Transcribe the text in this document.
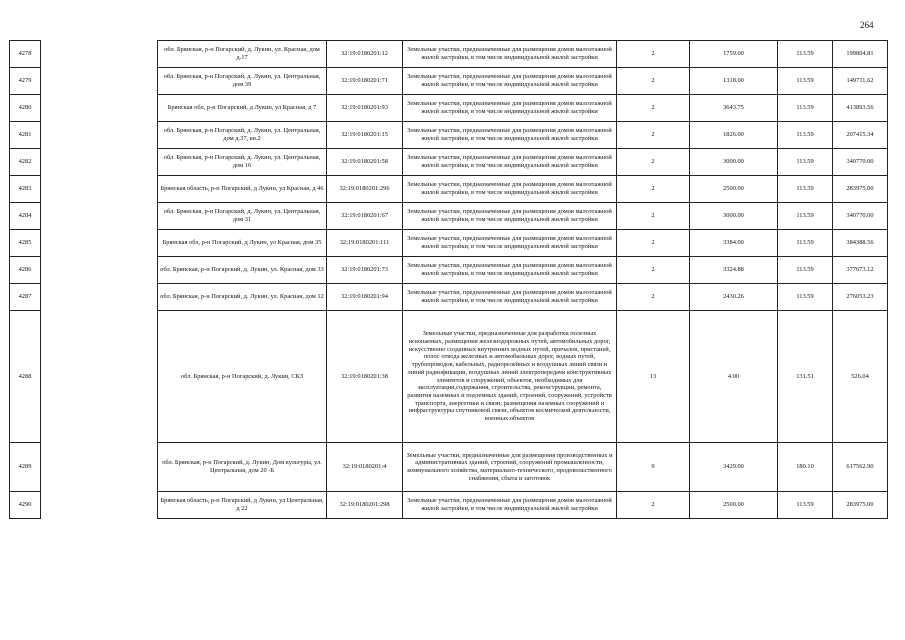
264
4278		обл. Брянская, р-н Погарский, д. Лукин, ул. Красная, дом д.17	32:19:0180201:12	Земельные участки, предназначенные для размещения домов малоэтажной жилой застройки, в том числе индивидуальной жилой застройки	2	1759.00	113.59	199804.81
4279		обл. Брянская, р-н Погарский, д. Лукин, ул. Центральная, дом 39	32:19:0180201:71	Земельные участки, предназначенные для размещения домов малоэтажной жилой застройки, в том числе индивидуальной жилой застройки	2	1318.00	113.59	149711.62
4280		Брянская обл, р-н Погарский, д Лукин, ул Красная, д 7	32:19:0180201:93	Земельные участки, предназначенные для размещения домов малоэтажной жилой застройки, в том числе индивидуальной жилой застройки	2	3643.75	113.59	413893.56
4281		обл. Брянская, р-н Погарский, д. Лукин, ул. Центральная, дом д.37, кв.2	32:19:0180201:15	Земельные участки, предназначенные для размещения домов малоэтажной жилой застройки, в том числе индивидуальной жилой застройки	2	1826.00	113.59	207415.34
4282		обл. Брянская, р-н Погарский, д. Лукин, ул. Центральная, дом 16	32:19:0180201:58	Земельные участки, предназначенные для размещения домов малоэтажной жилой застройки, в том числе индивидуальной жилой застройки	2	3000.00	113.59	340770.00
4283		Брянская область, р-н Погарский, д Лукин, ул Красная, д 46	32:19:0180201:296	Земельные участки, предназначенные для размещения домов малоэтажной жилой застройки, в том числе индивидуальной жилой застройки	2	2500.00	113.59	283975.00
4284		обл. Брянская, р-н Погарский, д. Лукин, ул. Центральная, дом 31	32:19:0180201:67	Земельные участки, предназначенные для размещения домов малоэтажной жилой застройки, в том числе индивидуальной жилой застройки	2	3000.00	113.59	340770.00
4285		Брянская обл, р-н Погарский, д Лукин, ул Красная, дом 35	32:19:0180201:111	Земельные участки, предназначенные для размещения домов малоэтажной жилой застройки, в том числе индивидуальной жилой застройки	2	3384.00	113.59	384388.56
4286		обл. Брянская, р-н Погарский, д. Лукин, ул. Красная, дом 33	32:19:0180201:73	Земельные участки, предназначенные для размещения домов малоэтажной жилой застройки, в том числе индивидуальной жилой застройки	2	3324.88	113.59	377673.12
4287		обл. Брянская, р-н Погарский, д. Лукин, ул. Красная, дом 12	32:19:0180201:94	Земельные участки, предназначенные для размещения домов малоэтажной жилой застройки, в том числе индивидуальной жилой застройки	2	2430.26	113.59	276053.23
4288		обл. Брянская, р-н Погарский, д. Лукин, СКЗ	32:19:0180201:38	Земельные участки, предназначенные для разработки полезных ископаемых, размещения железнодорожных путей, автомобильных дорог, искусственно созданных внутренних водных путей, причалов, пристаней, полос отвода железных и автомобильных дорог, водных путей, трубопроводов, кабельных, радиорелейных и воздушных линий связи и линий радиофикации, воздушных линий электропередачи конструктивных элементов и сооружений, объектов, необходимых для эксплуатации,содержания, строительства, реконструкции, ремонта, развития наземных и подземных зданий, строений, сооружений, устройств транспорта, энергетики и связи; размещения наземных сооружений и инфраструктуры спутниковой связи, объектов космической деятельности, военных объектов	13	4.00	131.51	526.04
4289		обл. Брянская, р-н Погарский, д. Лукин, Дом культуры, ул. Центральная, дом 20 -Б	32:19:0180201:4	Земельные участки, предназначенные для размещения производственных и административных зданий, строений, сооружений промышленности, коммунального хозяйства, материально-технического, продовольственного снабжения, сбыта и заготовок	9	3429.00	180.10	617562.90
4290		Брянская область, р-н Погарский, д Лукин, ул Центральная, д 22	32:19:0180201:298	Земельные участки, предназначенные для размещения домов малоэтажной жилой застройки, в том числе индивидуальной жилой застройки	2	2500.00	113.59	283975.00
